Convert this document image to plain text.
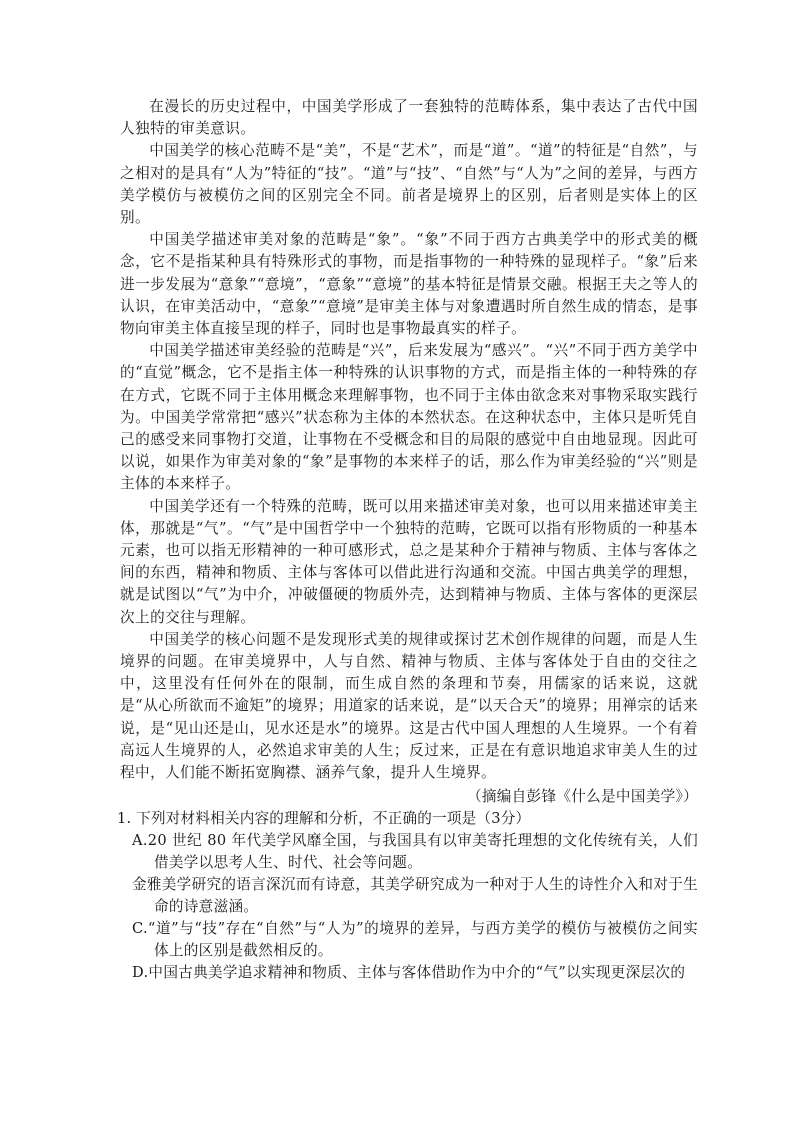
在漫长的历史过程中，中国美学形成了一套独特的范畴体系，集中表达了古代中国人独特的审美意识。

中国美学的核心范畴不是“美”，不是“艺术”，而是“道”。“道”的特征是“自然”，与之相对的是具有“人为”特征的“技”。“道”与“技”、“自然”与“人为”之间的差异，与西方美学模仿与被模仿之间的区别完全不同。前者是境界上的区别，后者则是实体上的区别。

中国美学描述审美对象的范畴是“象”。“象”不同于西方古典美学中的形式美的概念，它不是指某种具有特殊形式的事物，而是指事物的一种特殊的显现样子。“象”后来进一步发展为“意象”“意境”，“意象”“意境”的基本特征是情景交融。根据王夫之等人的认识，在审美活动中，“意象”“意境”是审美主体与对象遭遇时所自然生成的情态，是事物向审美主体直接呈现的样子，同时也是事物最真实的样子。

中国美学描述审美经验的范畴是“兴”，后来发展为“感兴”。“兴”不同于西方美学中的“直觉”概念，它不是指主体一种特殊的认识事物的方式，而是指主体的一种特殊的存在方式，它既不同于主体用概念来理解事物，也不同于主体由欲念来对事物采取实践行为。中国美学常常把“感兴”状态称为主体的本然状态。在这种状态中，主体只是听凭自己的感受来同事物打交道，让事物在不受概念和目的局限的感觉中自由地显现。因此可以说，如果作为审美对象的“象”是事物的本来样子的话，那么作为审美经验的“兴”则是主体的本来样子。

中国美学还有一个特殊的范畴，既可以用来描述审美对象，也可以用来描述审美主体，那就是“气”。“气”是中国哲学中一个独特的范畴，它既可以指有形物质的一种基本元素，也可以指无形精神的一种可感形式，总之是某种介于精神与物质、主体与客体之间的东西，精神和物质、主体与客体可以借此进行沟通和交流。中国古典美学的理想，就是试图以“气”为中介，冲破僵硬的物质外壳，达到精神与物质、主体与客体的更深层次上的交往与理解。

中国美学的核心问题不是发现形式美的规律或探讨艺术创作规律的问题，而是人生境界的问题。在审美境界中，人与自然、精神与物质、主体与客体处于自由的交往之中，这里没有任何外在的限制，而生成自然的条理和节奏，用儒家的话来说，这就是“从心所欲而不逾矩”的境界；用道家的话来说，是“以天合天”的境界；用禅宗的话来说，是“见山还是山，见水还是水”的境界。这是古代中国人理想的人生境界。一个有着高远人生境界的人，必然追求审美的人生；反过来，正是在有意识地追求审美人生的过程中，人们能不断拓宽胸襟、涵养气象，提升人生境界。

（摘编自彭锋《什么是中国美学》）

1. 下列对材料相关内容的理解和分析，不正确的一项是（3分）

A.20 世纪 80 年代美学风靡全国，与我国具有以审美寄托理想的文化传统有关，人们借美学以思考人生、时代、社会等问题。

金雅美学研究的语言深沉而有诗意，其美学研究成为一种对于人生的诗性介入和对于生命的诗意滋涵。

C.“道”与“技”存在“自然”与“人为”的境界的差异，与西方美学的模仿与被模仿之间实体上的区别是截然相反的。

D.中国古典美学追求精神和物质、主体与客体借助作为中介的“气”以实现更深层次的
